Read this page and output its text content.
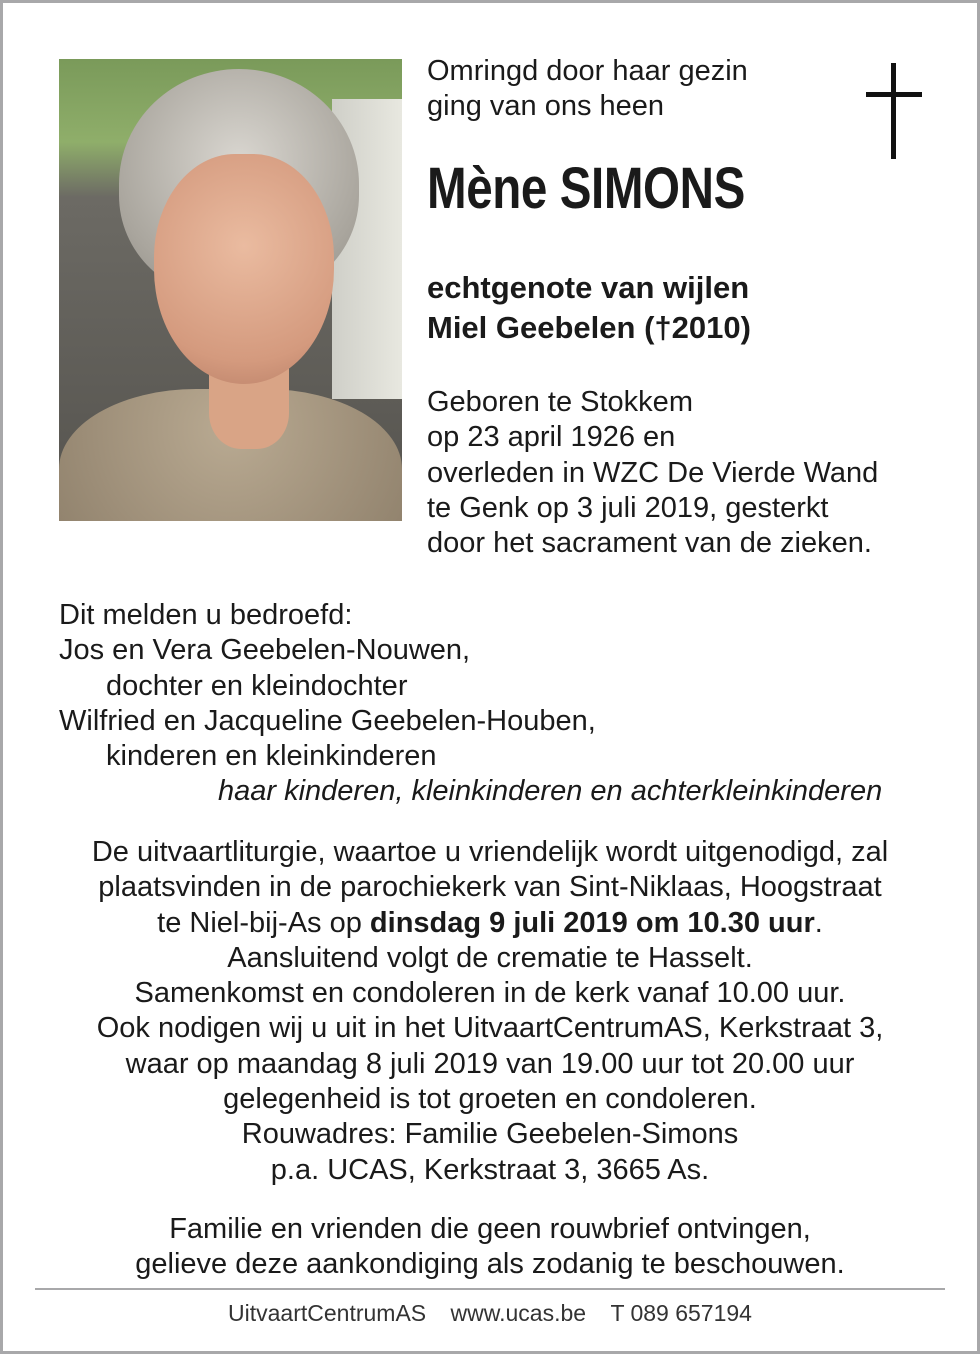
Omringd door haar gezin
ging van ons heen
Mène SIMONS
echtgenote van wijlen
Miel Geebelen (†2010)
Geboren te Stokkem
op 23 april 1926 en
overleden in WZC De Vierde Wand
te Genk op 3 juli 2019, gesterkt
door het sacrament van de zieken.
Dit melden u bedroefd:
Jos en Vera Geebelen-Nouwen,
dochter en kleindochter
Wilfried en Jacqueline Geebelen-Houben,
kinderen en kleinkinderen
haar kinderen, kleinkinderen en achterkleinkinderen
De uitvaartliturgie, waartoe u vriendelijk wordt uitgenodigd, zal
plaatsvinden in de parochiekerk van Sint-Niklaas, Hoogstraat
te Niel-bij-As op dinsdag 9 juli 2019 om 10.30 uur.
Aansluitend volgt de crematie te Hasselt.
Samenkomst en condoleren in de kerk vanaf 10.00 uur.
Ook nodigen wij u uit in het UitvaartCentrumAS, Kerkstraat 3,
waar op maandag 8 juli 2019 van 19.00 uur tot 20.00 uur
gelegenheid is tot groeten en condoleren.
Rouwadres: Familie Geebelen-Simons
p.a. UCAS, Kerkstraat 3, 3665 As.
Familie en vrienden die geen rouwbrief ontvingen,
gelieve deze aankondiging als zodanig te beschouwen.
UitvaartCentrumAS www.ucas.be T 089 657194
